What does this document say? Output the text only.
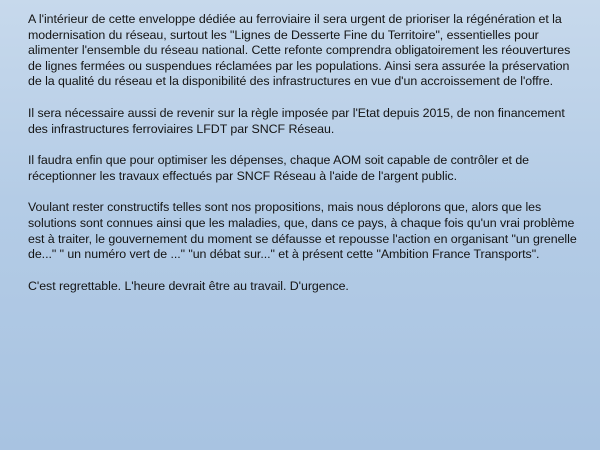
A l'intérieur de cette enveloppe dédiée au ferroviaire il sera urgent de prioriser la régénération et la
modernisation du réseau, surtout les "Lignes de Desserte Fine du Territoire", essentielles pour
alimenter l'ensemble du réseau national. Cette refonte comprendra obligatoirement les réouvertures
de lignes fermées ou suspendues réclamées par les populations. Ainsi sera assurée la préservation
de la qualité du réseau et la disponibilité des infrastructures en vue d'un accroissement de l'offre.

Il sera nécessaire aussi de revenir sur la règle imposée par l'Etat depuis 2015, de non financement
des infrastructures ferroviaires LFDT par SNCF Réseau.

Il faudra enfin que pour optimiser les dépenses, chaque AOM soit capable de contrôler et de
réceptionner les travaux effectués par SNCF Réseau à l'aide de l'argent public.

Voulant rester constructifs telles sont nos propositions, mais nous déplorons que, alors que les
solutions sont connues ainsi que les maladies, que, dans ce pays, à chaque fois qu'un vrai problème
est à traiter, le gouvernement du moment se défausse et repousse l'action en organisant "un grenelle
de..." " un numéro vert de ..." "un débat sur..." et à présent cette "Ambition France Transports".

C'est regrettable. L'heure devrait être au travail. D'urgence.
